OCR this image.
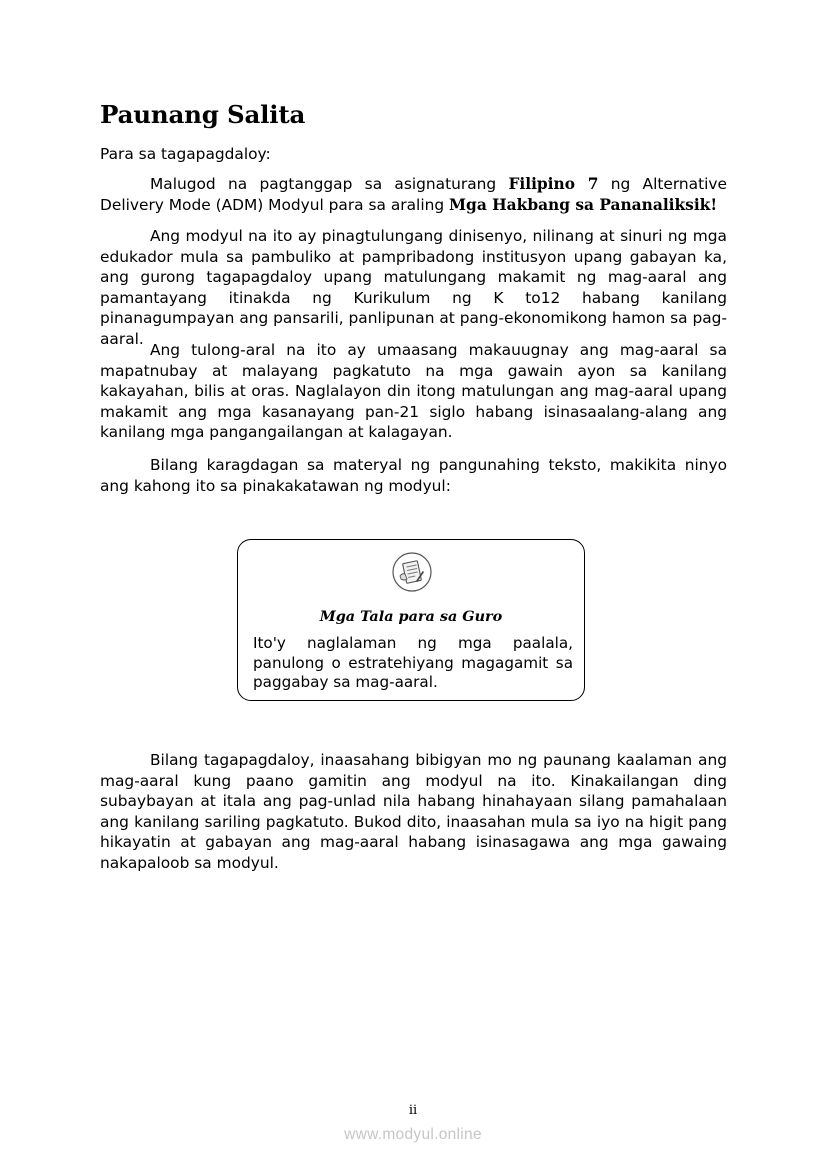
Paunang Salita

Para sa tagapagdaloy:

Malugod na pagtanggap sa asignaturang Filipino 7 ng Alternative Delivery Mode (ADM) Modyul para sa araling Mga Hakbang sa Pananaliksik!

Ang modyul na ito ay pinagtulungang dinisenyo, nilinang at sinuri ng mga edukador mula sa pambuliko at pampribadong institusyon upang gabayan ka, ang gurong tagapagdaloy upang matulungang makamit ng mag-aaral ang pamantayang itinakda ng Kurikulum ng K to12 habang kanilang pinanagumpayan ang pansarili, panlipunan at pang-ekonomikong hamon sa pag-aaral.

Ang tulong-aral na ito ay umaasang makauugnay ang mag-aaral sa mapatnubay at malayang pagkatuto na mga gawain ayon sa kanilang kakayahan, bilis at oras. Naglalayon din itong matulungan ang mag-aaral upang makamit ang mga kasanayang pan-21 siglo habang isinasaalang-alang ang kanilang mga pangangailangan at kalagayan.

Bilang karagdagan sa materyal ng pangunahing teksto, makikita ninyo ang kahong ito sa pinakakatawan ng modyul:

Mga Tala para sa Guro

Ito'y naglalaman ng mga paalala, panulong o estratehiyang magagamit sa paggabay sa mag-aaral.

Bilang tagapagdaloy, inaasahang bibigyan mo ng paunang kaalaman ang mag-aaral kung paano gamitin ang modyul na ito. Kinakailangan ding subaybayan at itala ang pag-unlad nila habang hinahayaan silang pamahalaan ang kanilang sariling pagkatuto. Bukod dito, inaasahan mula sa iyo na higit pang hikayatin at gabayan ang mag-aaral habang isinasagawa ang mga gawaing nakapaloob sa modyul.

ii
www.modyul.online
